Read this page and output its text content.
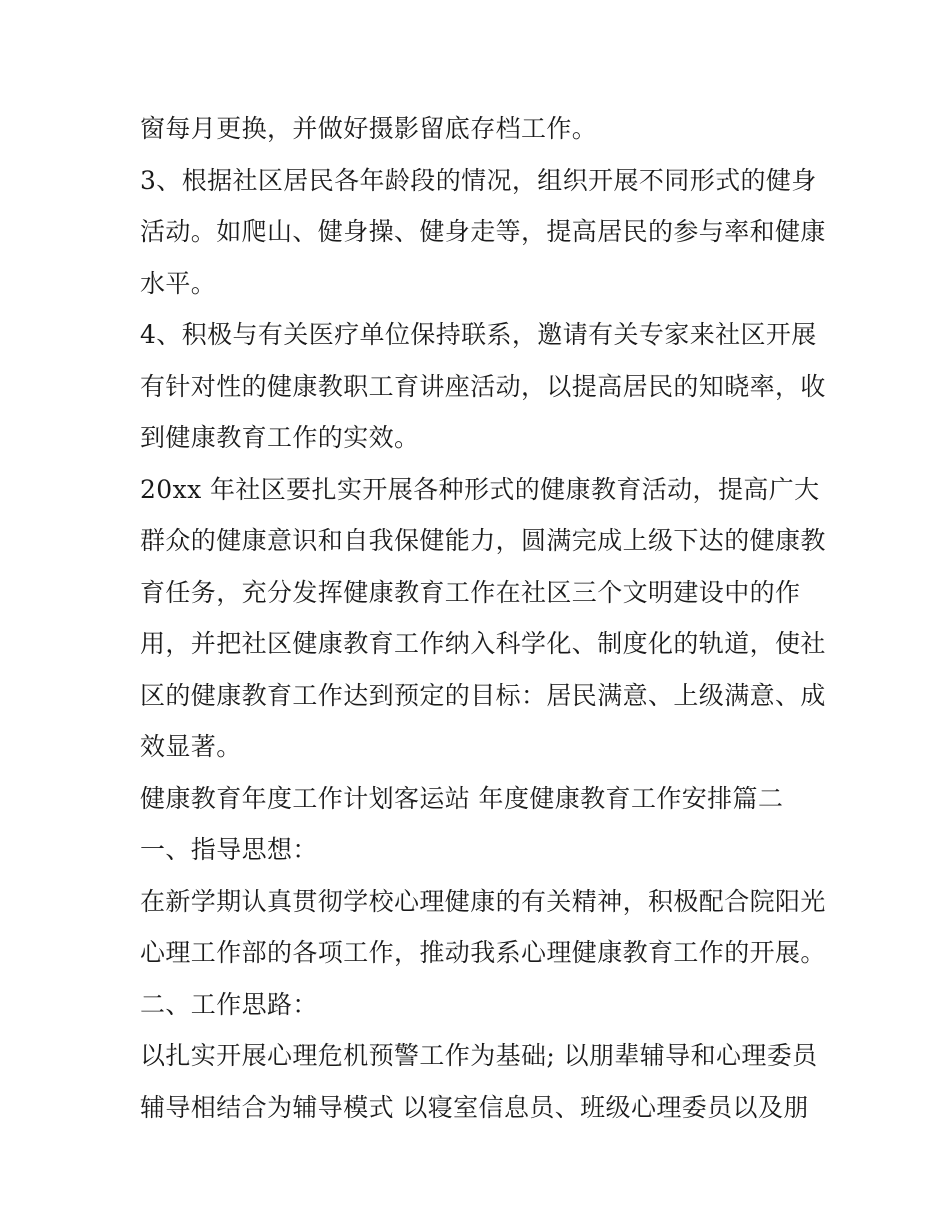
窗每月更换，并做好摄影留底存档工作。
3、根据社区居民各年龄段的情况，组织开展不同形式的健身
活动。如爬山、健身操、健身走等，提高居民的参与率和健康
水平。
4、积极与有关医疗单位保持联系，邀请有关专家来社区开展
有针对性的健康教职工育讲座活动，以提高居民的知晓率，收
到健康教育工作的实效。
20xx 年社区要扎实开展各种形式的健康教育活动，提高广大
群众的健康意识和自我保健能力，圆满完成上级下达的健康教
育任务，充分发挥健康教育工作在社区三个文明建设中的作
用，并把社区健康教育工作纳入科学化、制度化的轨道，使社
区的健康教育工作达到预定的目标：居民满意、上级满意、成
效显著。
健康教育年度工作计划客运站 年度健康教育工作安排篇二
一、指导思想：
在新学期认真贯彻学校心理健康的有关精神，积极配合院阳光
心理工作部的各项工作，推动我系心理健康教育工作的开展。
二、工作思路：
以扎实开展心理危机预警工作为基础; 以朋辈辅导和心理委员
辅导相结合为辅导模式 以寝室信息员、班级心理委员以及朋
